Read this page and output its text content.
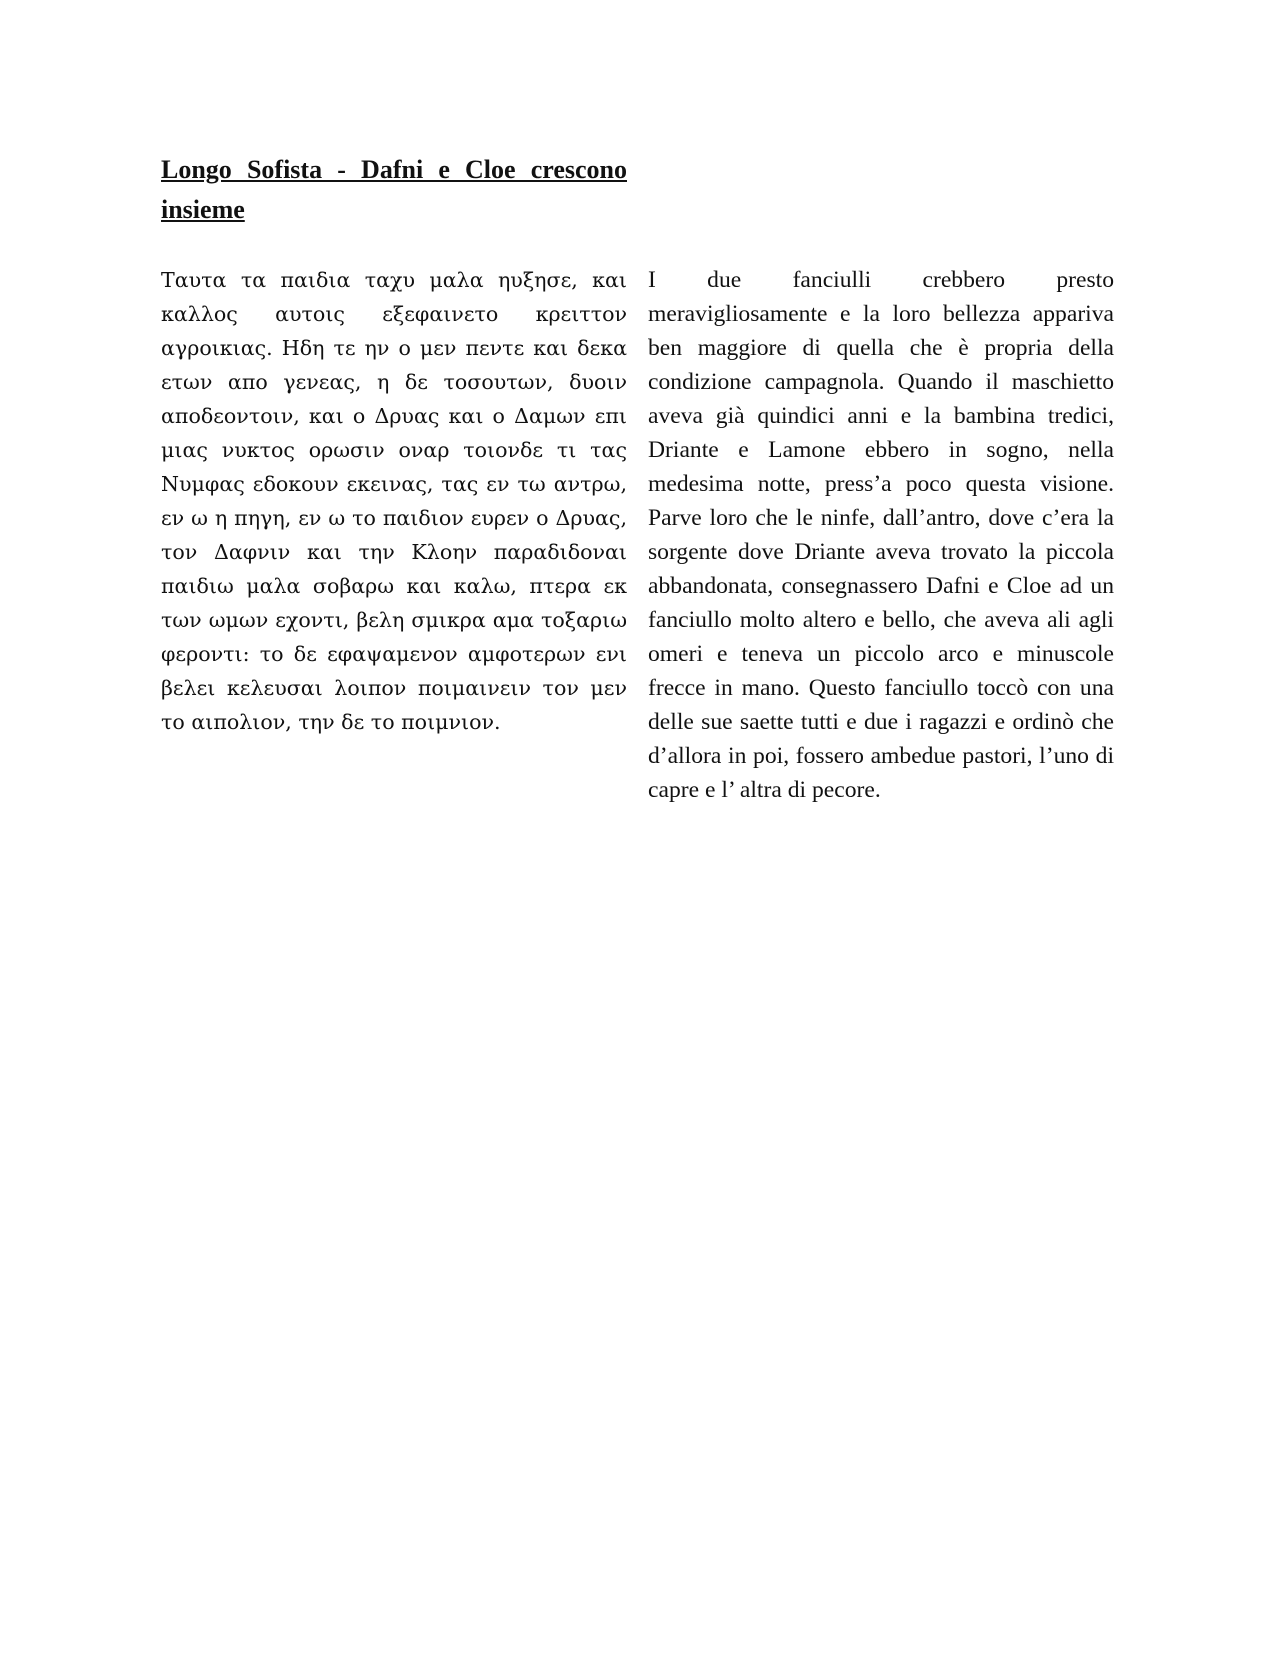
Longo Sofista - Dafni e Cloe crescono insieme

Ταυτα τα παιδια ταχυ μαλα ηυξησε, και καλλος αυτοις εξεφαινετο κρειττον αγροικιας. Ηδη τε ην ο μεν πεντε και δεκα ετων απο γενεας, η δε τοσουτων, δυοιν αποδεοντοιν, και ο Δρυας και ο Δαμων επι μιας νυκτος ορωσιν οναρ τοιονδε τι τας Νυμφας εδοκουν εκεινας, τας εν τω αντρω, εν ω η πηγη, εν ω το παιδιον ευρεν ο Δρυας, τον Δαφνιν και την Κλοην παραδιδοναι παιδιω μαλα σοβαρω και καλω, πτερα εκ των ωμων εχοντι, βελη σμικρα αμα τοξαριω φεροντι: το δε εφαψαμενον αμφοτερων ενι βελει κελευσαι λοιπον ποιμαινειν τον μεν το αιπολιον, την δε το ποιμνιον.

I due fanciulli crebbero presto meravigliosamente e la loro bellezza appariva ben maggiore di quella che è propria della condizione campagnola. Quando il maschietto aveva già quindici anni e la bambina tredici, Driante e Lamone ebbero in sogno, nella medesima notte, press’a poco questa visione. Parve loro che le ninfe, dall’antro, dove c’era la sorgente dove Driante aveva trovato la piccola abbandonata, consegnassero Dafni e Cloe ad un fanciullo molto altero e bello, che aveva ali agli omeri e teneva un piccolo arco e minuscole frecce in mano. Questo fanciullo toccò con una delle sue saette tutti e due i ragazzi e ordinò che d’allora in poi, fossero ambedue pastori, l’uno di capre e l’ altra di pecore.
